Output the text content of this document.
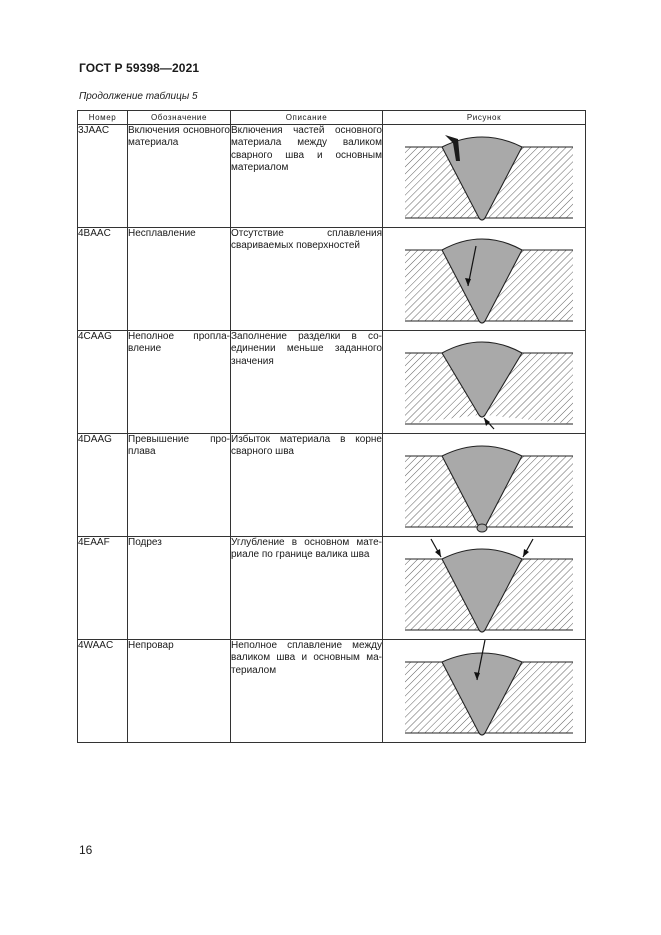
ГОСТ Р 59398—2021
Продолжение таблицы 5
Номер	Обозначение	Описание	Рисунок
3JAAC	Включения основного материала	Включения частей основного материала между валиком сварного шва и основным материалом

4BAAC	Несплавление	Отсутствие сплавления свариваемых поверхностей

4CAAG	Неполное проплавление	Заполнение разделки в соединении меньше заданного значения

4DAAG	Превышение проплава	Избыток материала в корне сварного шва

4EAAF	Подрез	Углубление в основном материале по границе валика шва

4WAAC	Непровар	Неполное сплавление между валиком шва и основным материалом

16
